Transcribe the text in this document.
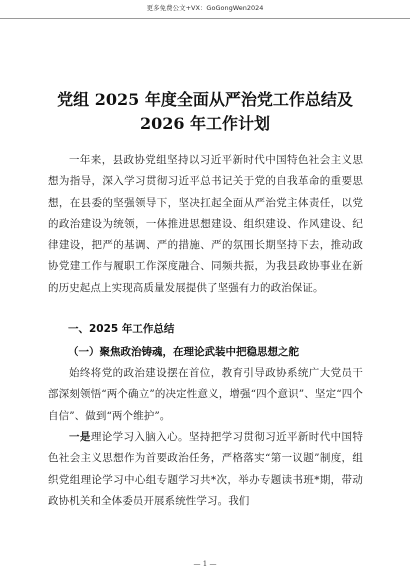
更多免费公文+VX：GoGongWen2024
党组 2025 年度全面从严治党工作总结及
2026 年工作计划

一年来，县政协党组坚持以习近平新时代中国特色社会主义思想为指导，深入学习贯彻习近平总书记关于党的自我革命的重要思想，在县委的坚强领导下，坚决扛起全面从严治党主体责任，以党的政治建设为统领，一体推进思想建设、组织建设、作风建设、纪律建设，把严的基调、严的措施、严的氛围长期坚持下去，推动政协党建工作与履职工作深度融合、同频共振，为我县政协事业在新的历史起点上实现高质量发展提供了坚强有力的政治保证。

一、2025 年工作总结
（一）聚焦政治铸魂，在理论武装中把稳思想之舵

始终将党的政治建设摆在首位，教育引导政协系统广大党员干部深刻领悟“两个确立”的决定性意义，增强“四个意识”、坚定“四个自信”、做到“两个维护”。

一是理论学习入脑入心。坚持把学习贯彻习近平新时代中国特色社会主义思想作为首要政治任务，严格落实“第一议题”制度，组织党组理论学习中心组专题学习共*次，举办专题读书班*期，带动政协机关和全体委员开展系统性学习。我们

— 1 —
